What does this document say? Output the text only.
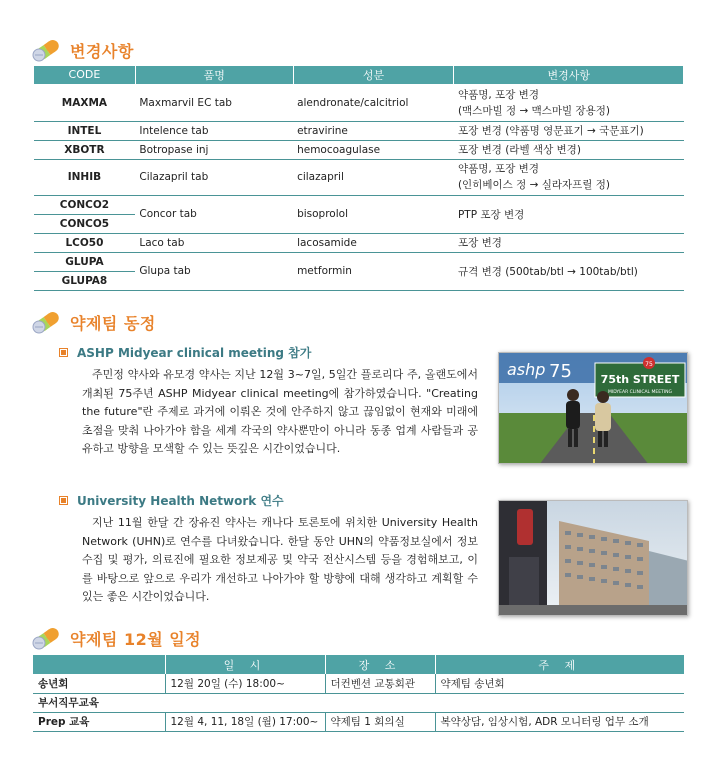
변경사항
CODE	품명	성분	변경사항
MAXMA	Maxmarvil EC tab	alendronate/calcitriol	약품명, 포장 변경
(맥스마빌 정 → 맥스마빌 장용정)

INTEL	Intelence tab	etravirine	포장 변경 (약품명 영문표기 → 국문표기)
XBOTR	Botropase inj	hemocoagulase	포장 변경 (라벨 색상 변경)
INHIB	Cilazapril tab	cilazapril	약품명, 포장 변경
(인히베이스 정 → 실라자프릴 정)

CONCO2	Concor tab	bisoprolol	PTP 포장 변경
CONCO5			
LCO50	Laco tab	lacosamide	포장 변경
GLUPA	Glupa tab	metformin	규격 변경 (500tab/btl → 100tab/btl)
GLUPA8			
약제팀 동정
ASHP Midyear clinical meeting 참가

주민정 약사와 유모경 약사는 지난 12월 3~7일, 5일간 플로리다 주, 올랜도에서 개최된 75주년 ASHP Midyear clinical meeting에 참가하였습니다. "Creating the future"란 주제로 과거에 이뤄온 것에 안주하지 않고 끊임없이 현재와 미래에 초점을 맞춰 나아가야 함을 세계 각국의 약사뿐만이 아니라 동종 업계 사람들과 공유하고 방향을 모색할 수 있는 뜻깊은 시간이었습니다.

ashp 75	75
75th STREET
MIDYEAR CLINICAL MEETING
University Health Network 연수

지난 11월 한달 간 장유진 약사는 캐나다 토론토에 위치한 University Health Network (UHN)로 연수를 다녀왔습니다. 한달 동안 UHN의 약품정보실에서 정보 수집 및 평가, 의료진에 필요한 정보제공 및 약국 전산시스템 등을 경험해보고, 이를 바탕으로 앞으로 우리가 개선하고 나아가야 할 방향에 대해 생각하고 계획할 수 있는 좋은 시간이었습니다.

약제팀 12월 일정
	일 시	장 소	주 제
송년회	12월 20일 (수) 18:00~	더컨벤션 교통회관	약제팀 송년회
부서직무교육			
Prep 교육	12월 4, 11, 18일 (월) 17:00~	약제팀 1 회의실	복약상담, 임상시험, ADR 모니터링 업무 소개
